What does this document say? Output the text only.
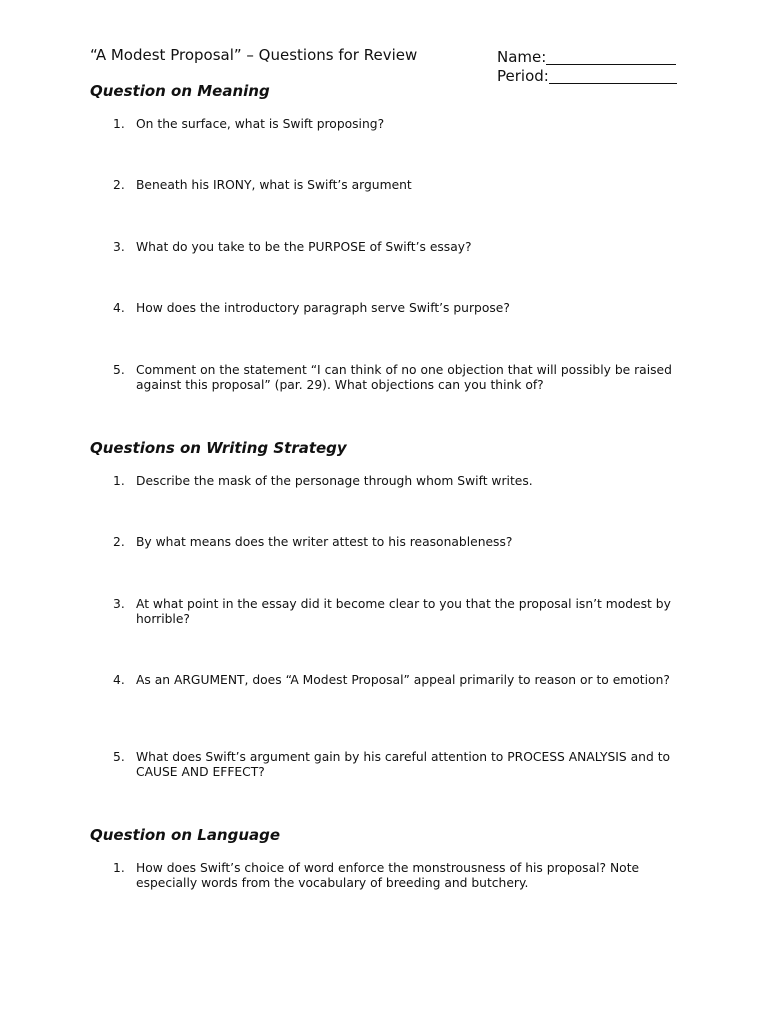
“A Modest Proposal” – Questions for Review	Name:
Period:
Question on Meaning
1. On the surface, what is Swift proposing?
2. Beneath his IRONY, what is Swift’s argument
3. What do you take to be the PURPOSE of Swift’s essay?
4. How does the introductory paragraph serve Swift’s purpose?
5. Comment on the statement “I can think of no one objection that will possibly be raised against this proposal” (par. 29). What objections can you think of?
Questions on Writing Strategy
1. Describe the mask of the personage through whom Swift writes.
2. By what means does the writer attest to his reasonableness?
3. At what point in the essay did it become clear to you that the proposal isn’t modest by horrible?
4. As an ARGUMENT, does “A Modest Proposal” appeal primarily to reason or to emotion?
5. What does Swift’s argument gain by his careful attention to PROCESS ANALYSIS and to CAUSE AND EFFECT?
Question on Language
1. How does Swift’s choice of word enforce the monstrousness of his proposal? Note especially words from the vocabulary of breeding and butchery.
